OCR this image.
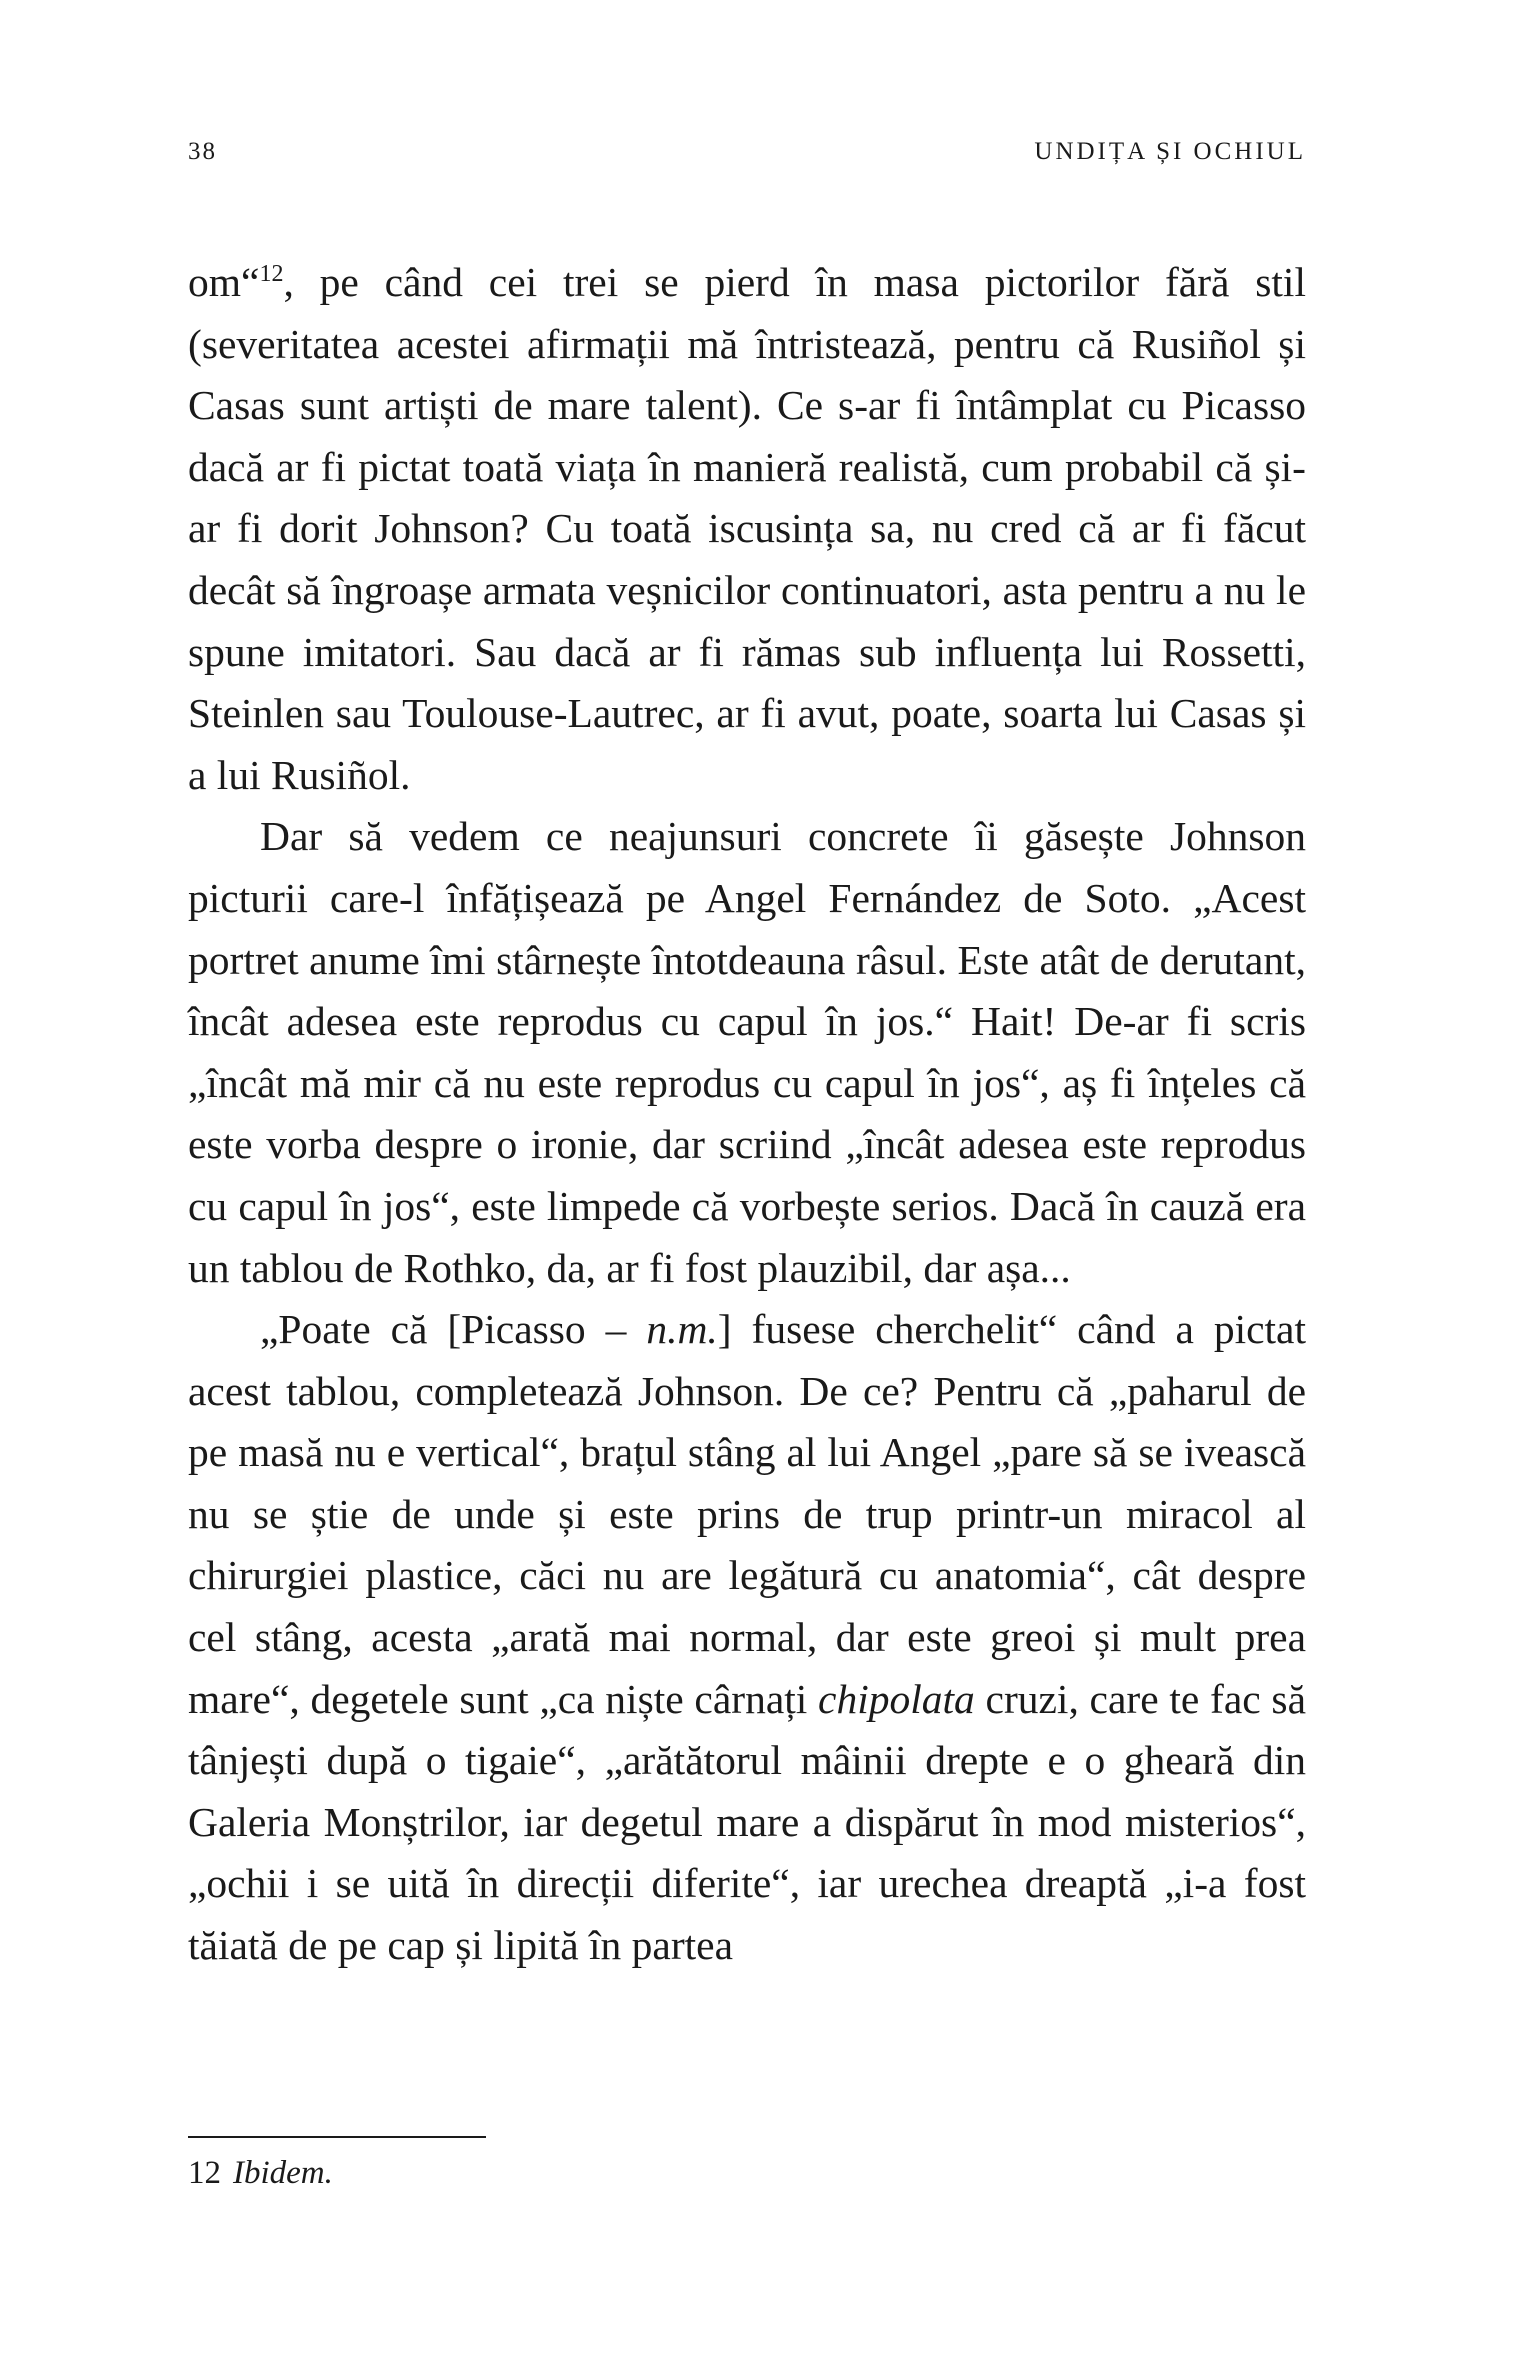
38	UNDIȚA ȘI OCHIUL

om“$^{12}$, pe când cei trei se pierd în masa pictorilor fără stil (severitatea acestei afirmații mă întristează, pentru că Rusiñol și Casas sunt artiști de mare talent). Ce s-ar fi întâmplat cu Picasso dacă ar fi pictat toată viața în manieră realistă, cum probabil că și-ar fi dorit Johnson? Cu toată iscusința sa, nu cred că ar fi făcut decât să îngroașe armata veșnicilor continuatori, asta pentru a nu le spune imitatori. Sau dacă ar fi rămas sub influența lui Rossetti, Steinlen sau Toulouse-Lautrec, ar fi avut, poate, soarta lui Casas și a lui Rusiñol.

Dar să vedem ce neajunsuri concrete îi găsește Johnson picturii care-l înfățișează pe Angel Fernández de Soto. „Acest portret anume îmi stârnește întotdeauna râsul. Este atât de derutant, încât adesea este reprodus cu capul în jos.“ Hait! De-ar fi scris „încât mă mir că nu este reprodus cu capul în jos“, aș fi înțeles că este vorba despre o ironie, dar scriind „încât adesea este reprodus cu capul în jos“, este limpede că vorbește serios. Dacă în cauză era un tablou de Rothko, da, ar fi fost plauzibil, dar așa...

„Poate că [Picasso – n.m.] fusese cherchelit“ când a pictat acest tablou, completează Johnson. De ce? Pentru că „paharul de pe masă nu e vertical“, brațul stâng al lui Angel „pare să se ivească nu se știe de unde și este prins de trup printr-un miracol al chirurgiei plastice, căci nu are legătură cu anatomia“, cât despre cel stâng, acesta „arată mai normal, dar este greoi și mult prea mare“, degetele sunt „ca niște cârnați chipolata cruzi, care te fac să tânjești după o tigaie“, „arătătorul mâinii drepte e o gheară din Galeria Monștrilor, iar degetul mare a dispărut în mod misterios“, „ochii i se uită în direcții diferite“, iar urechea dreaptă „i-a fost tăiată de pe cap și lipită în partea

12 Ibidem.
